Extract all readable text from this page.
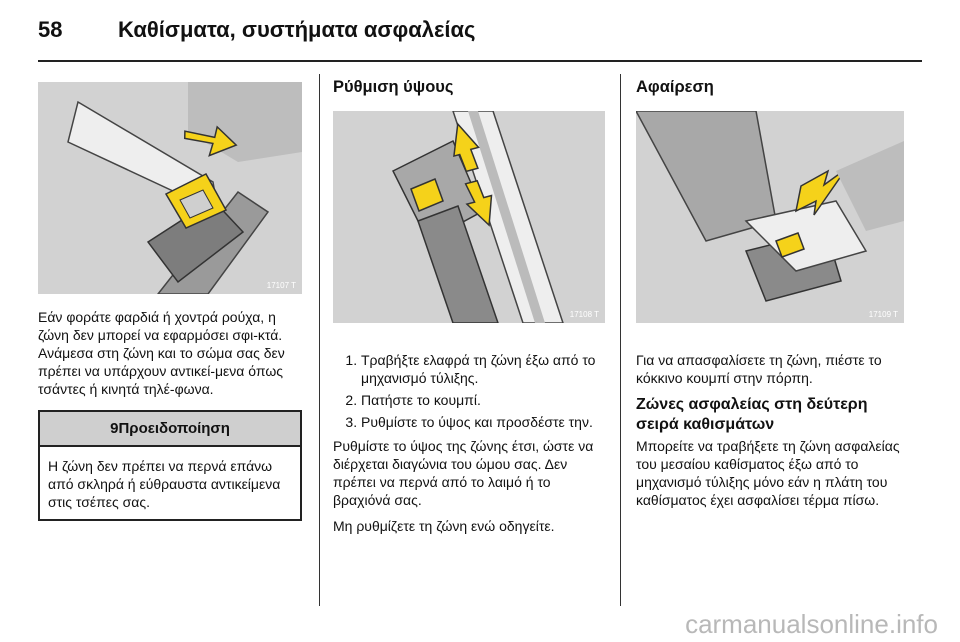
58	Καθίσματα, συστήματα ασφαλείας
17107 T

Εάν φοράτε φαρδιά ή χοντρά ρούχα, η ζώνη δεν μπορεί να εφαρμόσει σφι-κτά. Ανάμεσα στη ζώνη και το σώμα σας δεν πρέπει να υπάρχουν αντικεί-μενα όπως τσάντες ή κινητά τηλέ-φωνα.

9Προειδοποίηση
Η ζώνη δεν πρέπει να περνά επάνω από σκληρά ή εύθραυστα αντικείμενα στις τσέπες σας.
Ρύθμιση ύψους
17108 T
1. Τραβήξτε ελαφρά τη ζώνη έξω από το μηχανισμό τύλιξης.
2. Πατήστε το κουμπί.
3. Ρυθμίστε το ύψος και προσδέστε την.

Ρυθμίστε το ύψος της ζώνης έτσι, ώστε να διέρχεται διαγώνια του ώμου σας. Δεν πρέπει να περνά από το λαιμό ή το βραχιόνά σας.

Μη ρυθμίζετε τη ζώνη ενώ οδηγείτε.

Αφαίρεση
17109 T

Για να απασφαλίσετε τη ζώνη, πιέστε το κόκκινο κουμπί στην πόρπη.

Ζώνες ασφαλείας στη δεύτερη σειρά καθισμάτων

Μπορείτε να τραβήξετε τη ζώνη ασφαλείας του μεσαίου καθίσματος έξω από το μηχανισμό τύλιξης μόνο εάν η πλάτη του καθίσματος έχει ασφαλίσει τέρμα πίσω.

carmanualsonline.info
